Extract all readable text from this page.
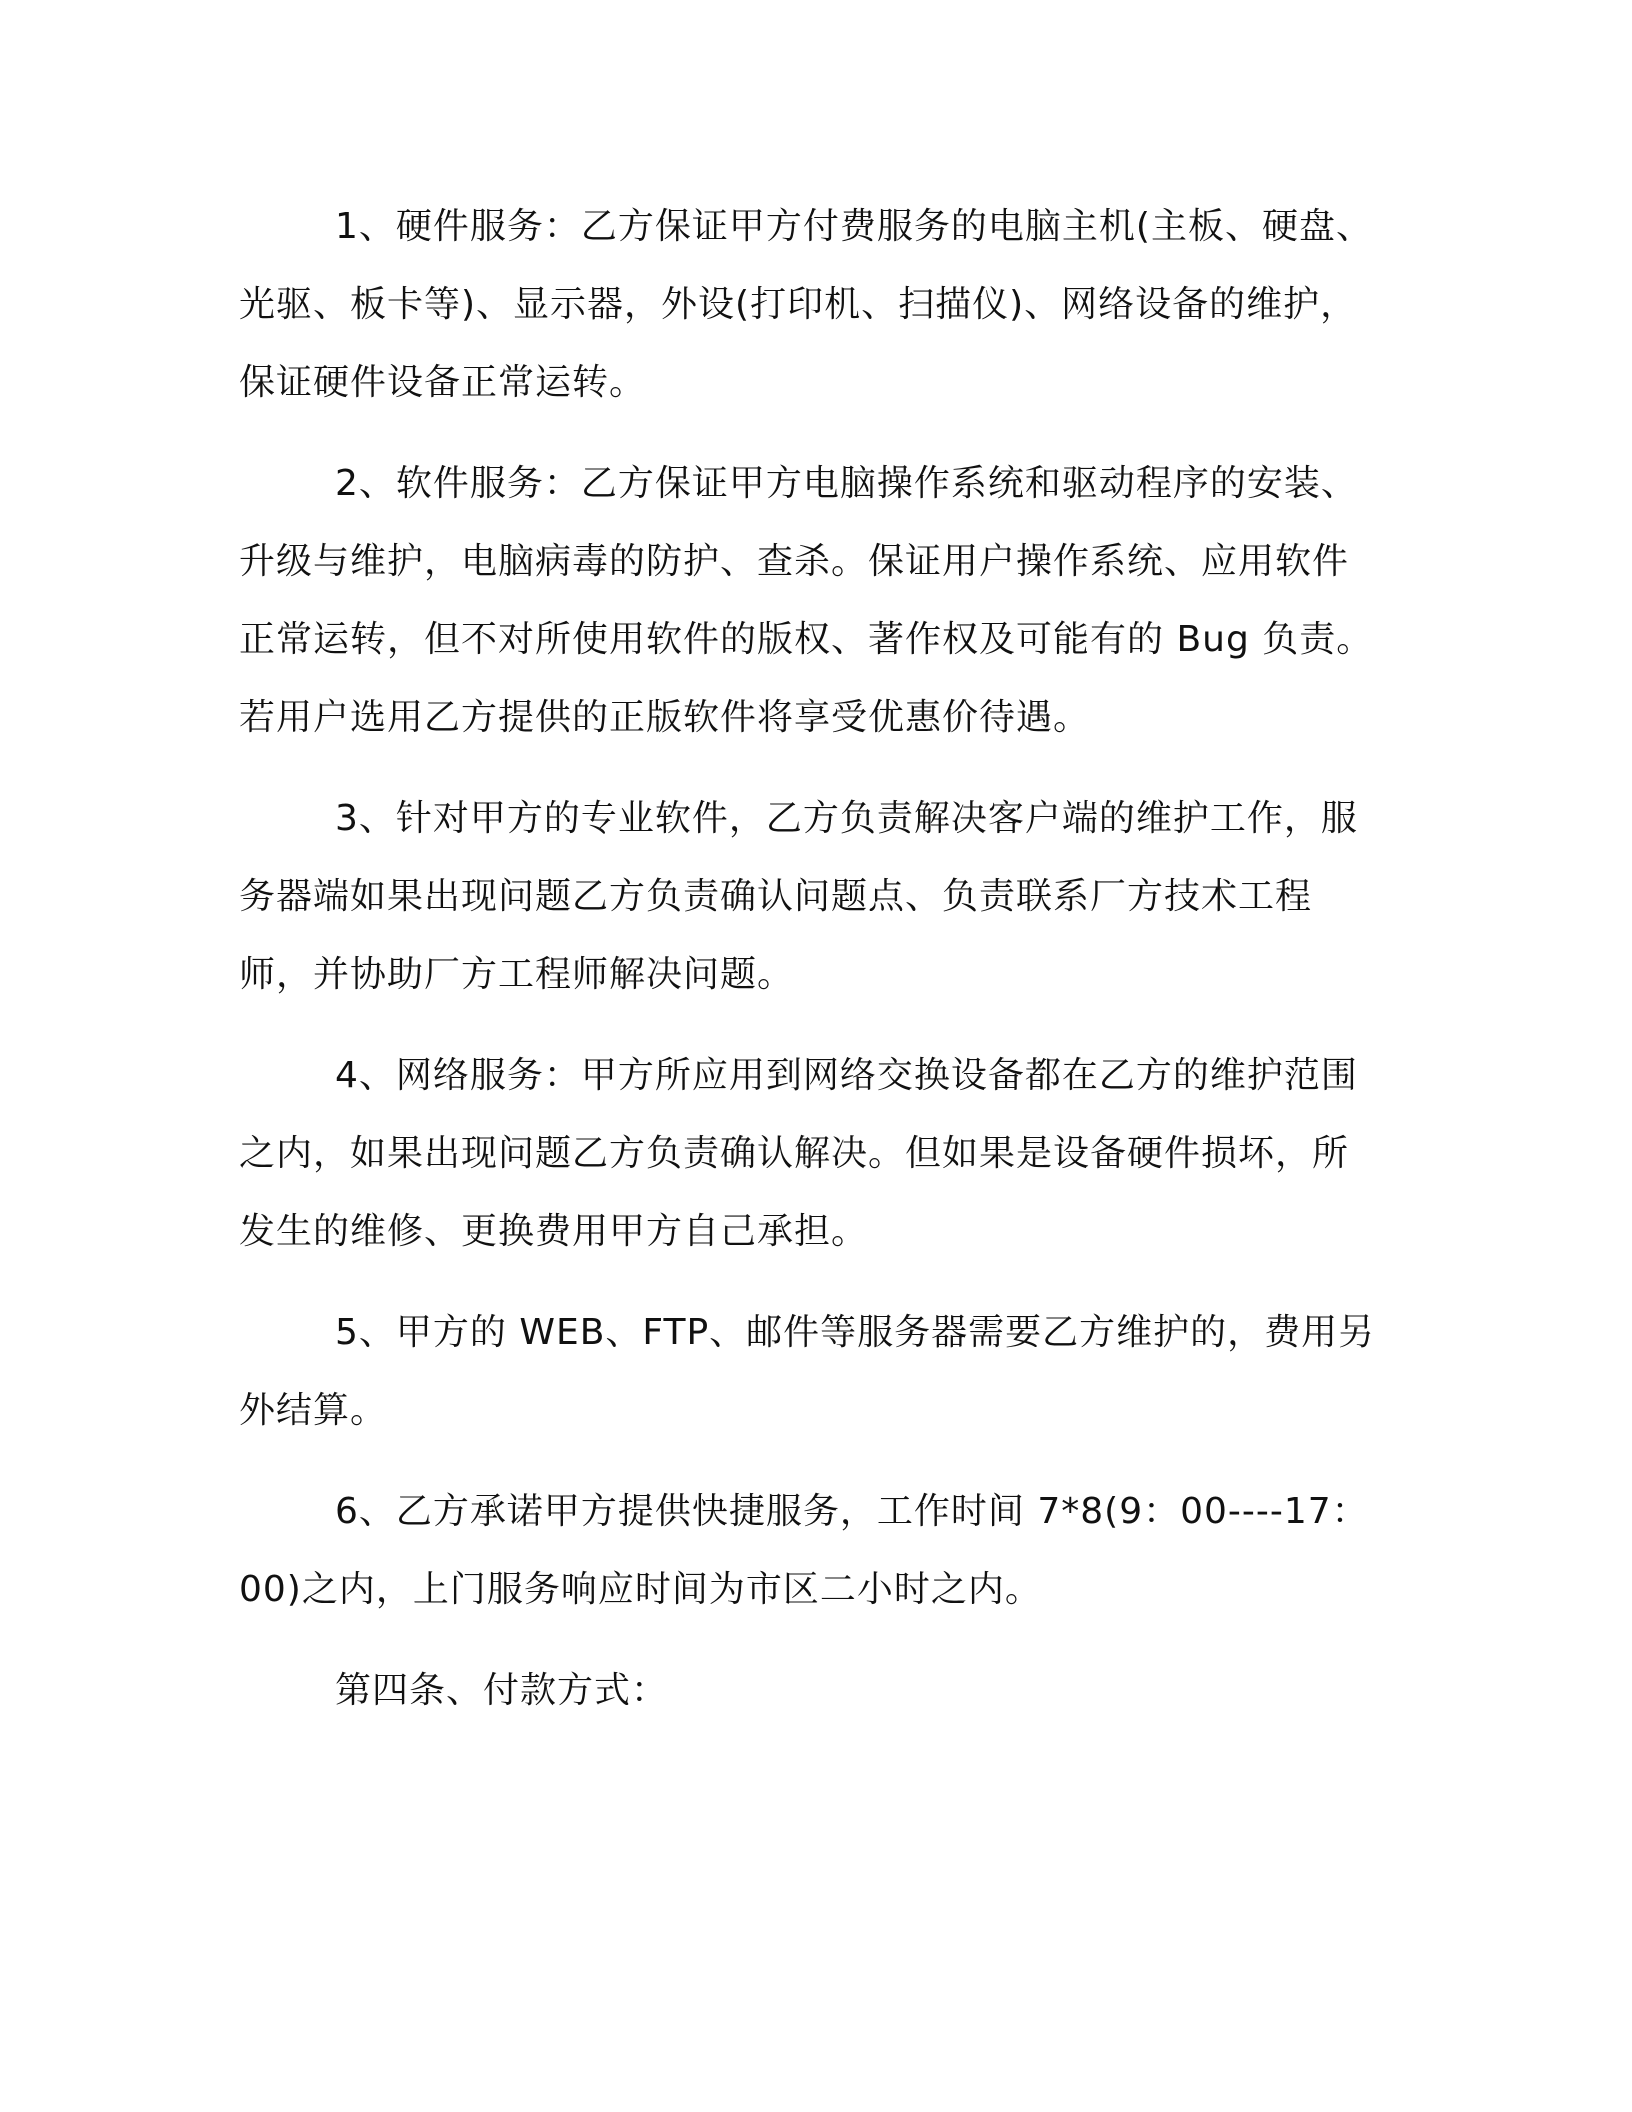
1、硬件服务：乙方保证甲方付费服务的电脑主机(主板、硬盘、光驱、板卡等)、显示器，外设(打印机、扫描仪)、网络设备的维护，保证硬件设备正常运转。

2、软件服务：乙方保证甲方电脑操作系统和驱动程序的安装、升级与维护，电脑病毒的防护、查杀。保证用户操作系统、应用软件正常运转，但不对所使用软件的版权、著作权及可能有的 Bug 负责。若用户选用乙方提供的正版软件将享受优惠价待遇。

3、针对甲方的专业软件，乙方负责解决客户端的维护工作，服务器端如果出现问题乙方负责确认问题点、负责联系厂方技术工程师，并协助厂方工程师解决问题。

4、网络服务：甲方所应用到网络交换设备都在乙方的维护范围之内，如果出现问题乙方负责确认解决。但如果是设备硬件损坏，所发生的维修、更换费用甲方自己承担。

5、甲方的 WEB、FTP、邮件等服务器需要乙方维护的，费用另外结算。

6、乙方承诺甲方提供快捷服务，工作时间 7*8(9：00----17：00)之内，上门服务响应时间为市区二小时之内。

第四条、付款方式：
